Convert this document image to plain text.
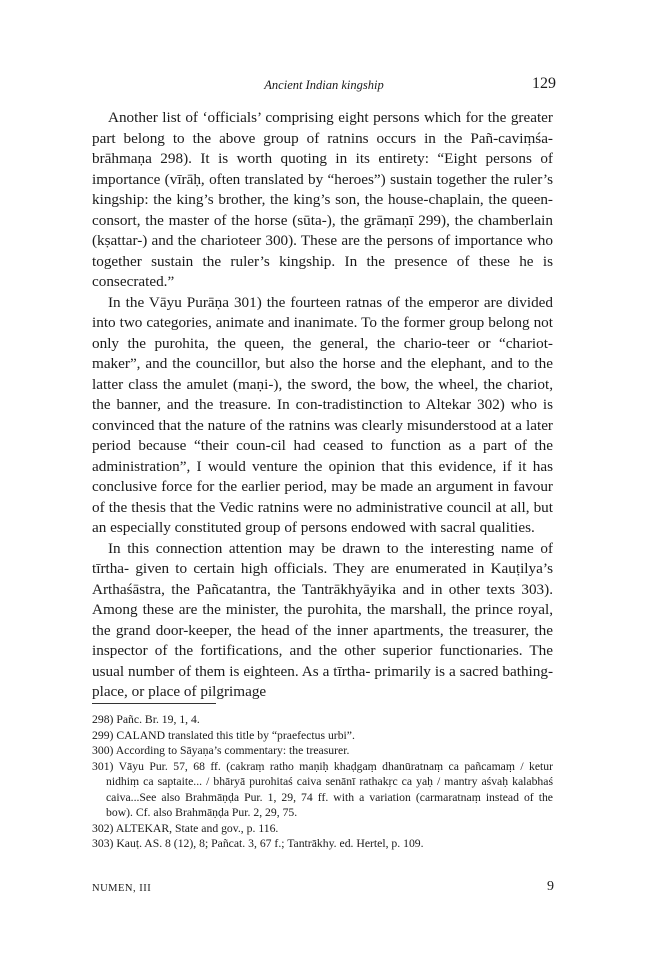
Ancient Indian kingship	129

Another list of ‘officials’ comprising eight persons which for the greater part belong to the above group of ratnins occurs in the Pañ-caviṃśa-brāhmaṇa 298). It is worth quoting in its entirety: “Eight persons of importance (vīrāḥ, often translated by “heroes”) sustain together the ruler’s kingship: the king’s brother, the king’s son, the house-chaplain, the queen-consort, the master of the horse (sūta-), the grāmaṇī 299), the chamberlain (kṣattar-) and the charioteer 300). These are the persons of importance who together sustain the ruler’s kingship. In the presence of these he is consecrated.”

In the Vāyu Purāṇa 301) the fourteen ratnas of the emperor are divided into two categories, animate and inanimate. To the former group belong not only the purohita, the queen, the general, the chario-teer or “chariot-maker”, and the councillor, but also the horse and the elephant, and to the latter class the amulet (maṇi-), the sword, the bow, the wheel, the chariot, the banner, and the treasure. In con-tradistinction to Altekar 302) who is convinced that the nature of the ratnins was clearly misunderstood at a later period because “their coun-cil had ceased to function as a part of the administration”, I would venture the opinion that this evidence, if it has conclusive force for the earlier period, may be made an argument in favour of the thesis that the Vedic ratnins were no administrative council at all, but an especially constituted group of persons endowed with sacral qualities.

In this connection attention may be drawn to the interesting name of tīrtha- given to certain high officials. They are enumerated in Kauṭilya’s Arthaśāstra, the Pañcatantra, the Tantrākhyāyika and in other texts 303). Among these are the minister, the purohita, the marshall, the prince royal, the grand door-keeper, the head of the inner apartments, the treasurer, the inspector of the fortifications, and the other superior functionaries. The usual number of them is eighteen. As a tīrtha- primarily is a sacred bathing-place, or place of pilgrimage

298) Pañc. Br. 19, 1, 4.

299) CALAND translated this title by “praefectus urbi”.

300) According to Sāyaṇa’s commentary: the treasurer.

301) Vāyu Pur. 57, 68 ff. (cakraṃ ratho maṇiḥ khaḍgaṃ dhanūratnaṃ ca pañcamaṃ / ketur nidhiṃ ca saptaite... / bhāryā purohitaś caiva senānī rathakṛc ca yaḥ / mantry aśvaḥ kalabhaś caiva...See also Brahmāṇḍa Pur. 1, 29, 74 ff. with a variation (carmaratnaṃ instead of the bow). Cf. also Brahmāṇḍa Pur. 2, 29, 75.

302) ALTEKAR, State and gov., p. 116.

303) Kauṭ. AS. 8 (12), 8; Pañcat. 3, 67 f.; Tantrākhy. ed. Hertel, p. 109.

NUMEN, III	9
